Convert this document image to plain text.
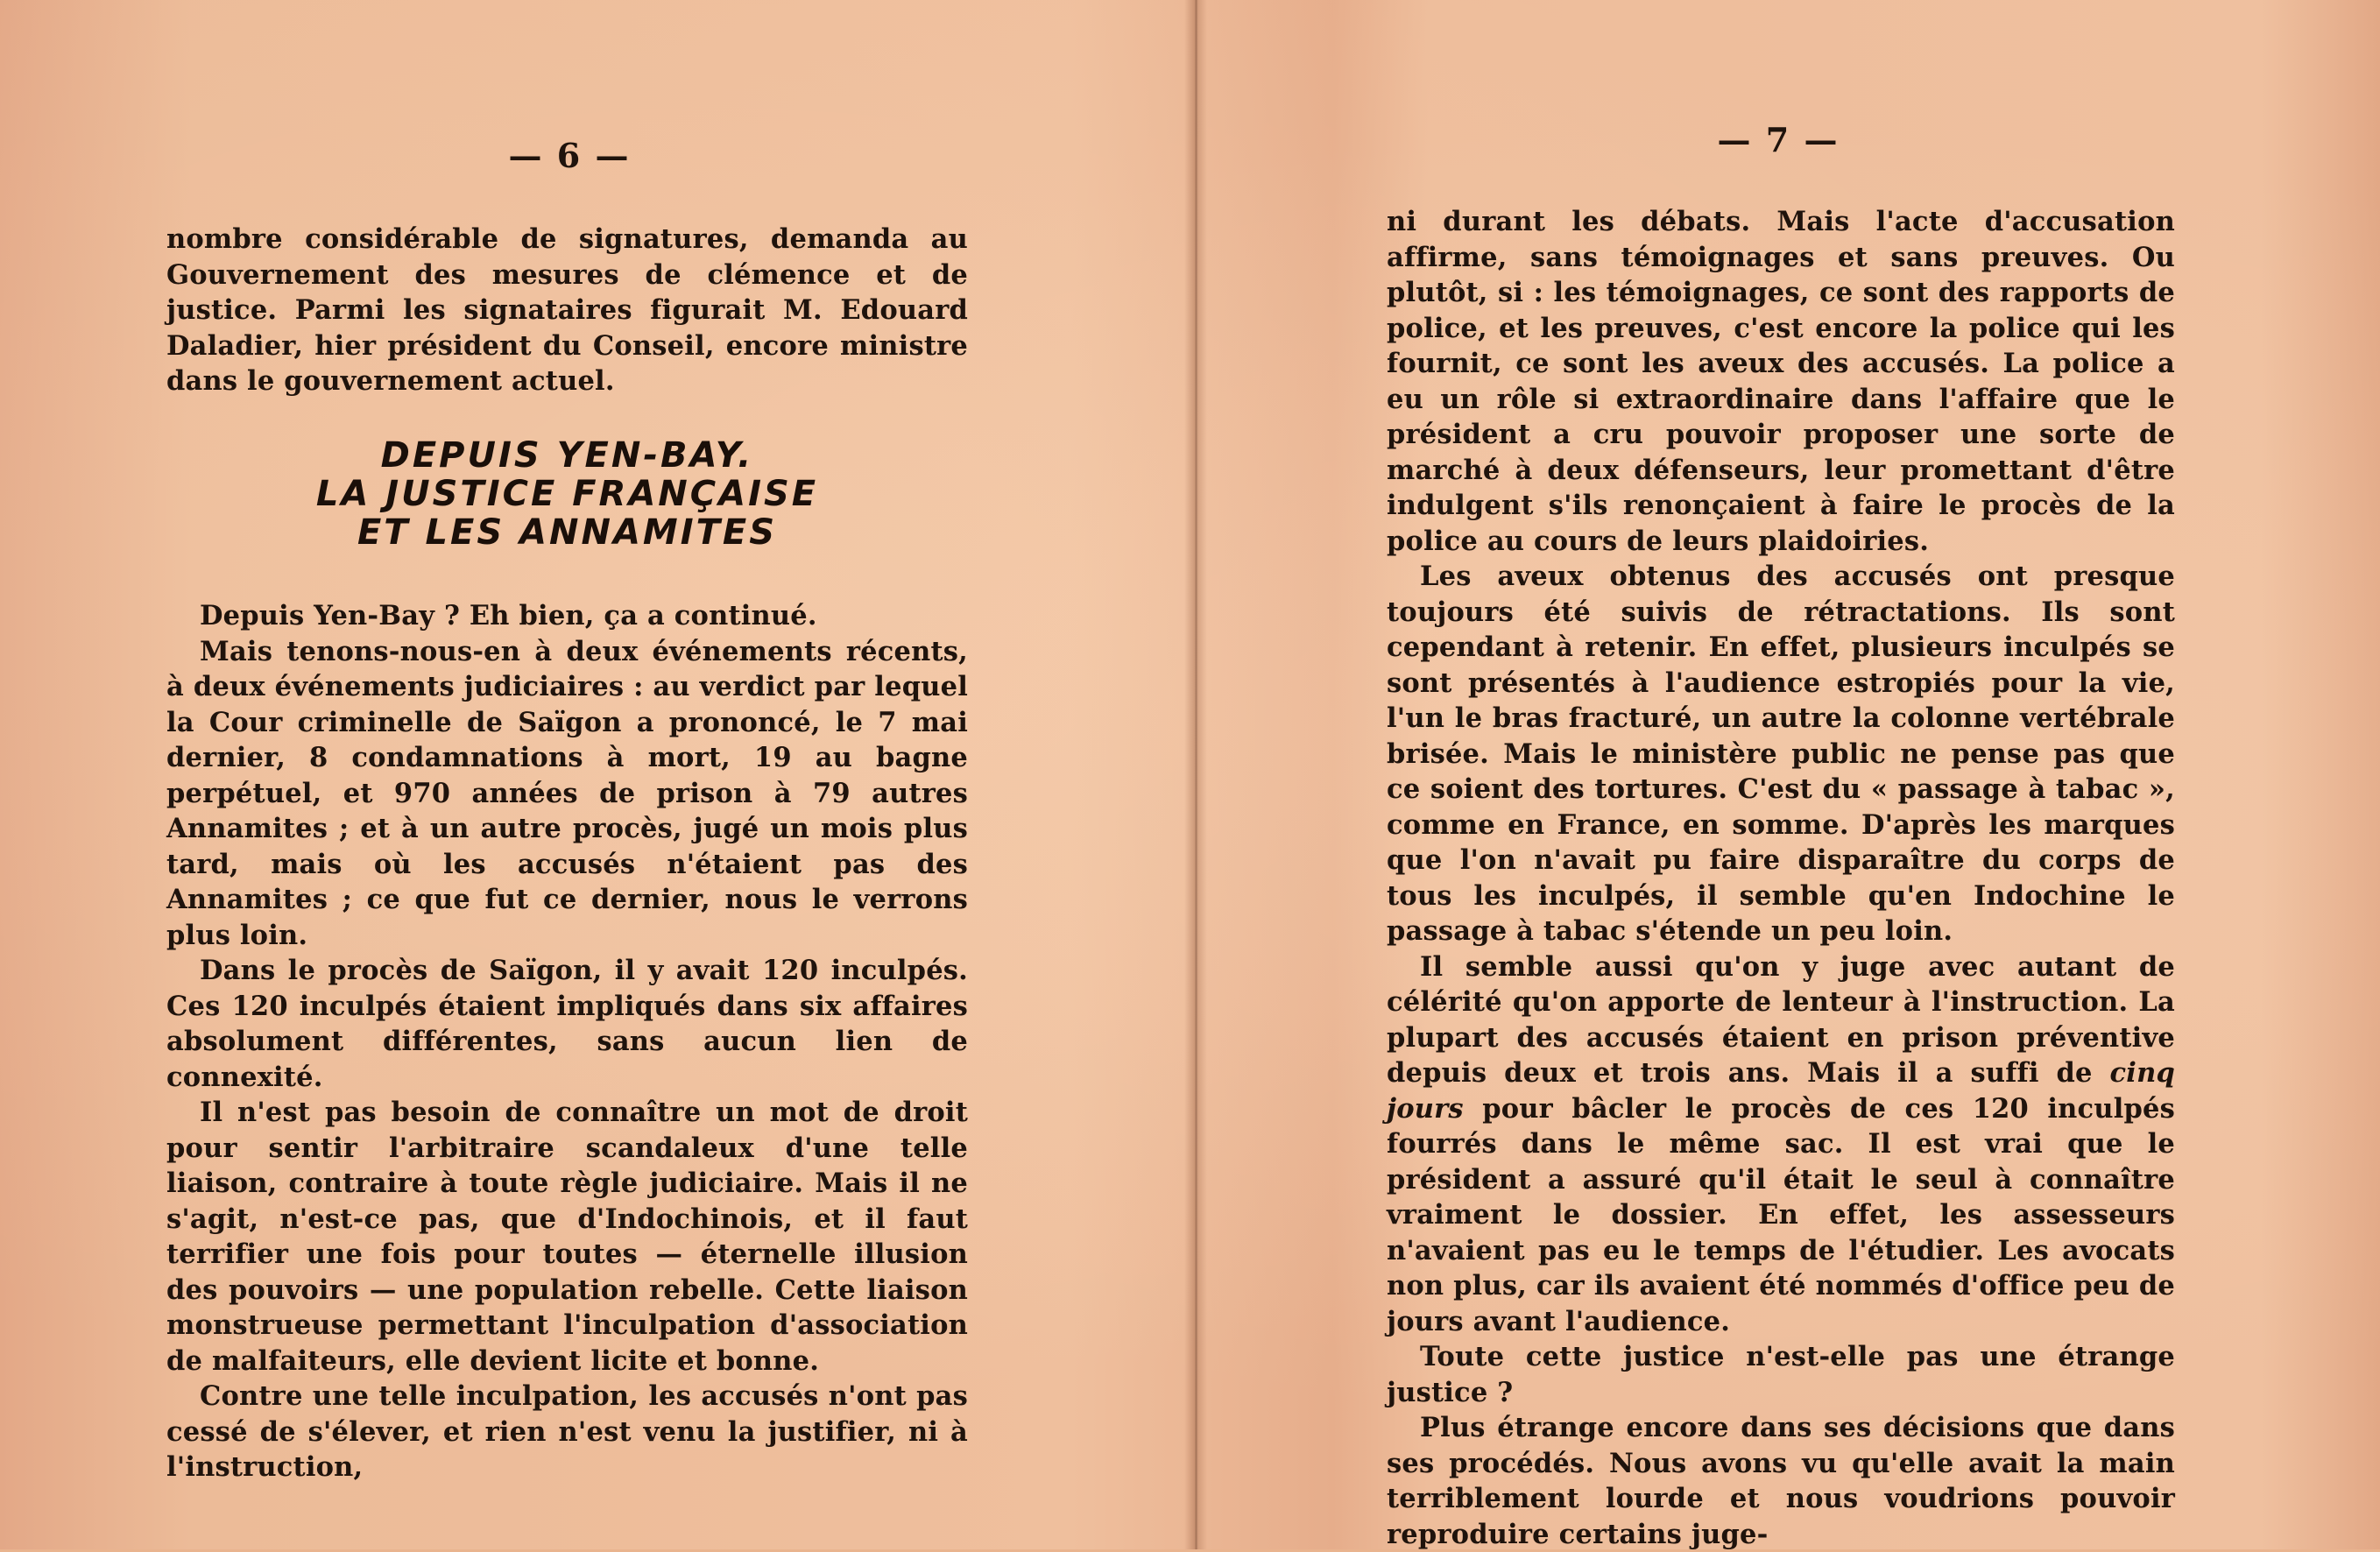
— 6 —

nombre considérable de signatures, demanda au Gouvernement des mesures de clémence et de justice. Parmi les signataires figurait M. Edouard Daladier, hier président du Conseil, encore ministre dans le gouvernement actuel.

DEPUIS YEN-BAY.
LA JUSTICE FRANÇAISE
ET LES ANNAMITES

Depuis Yen-Bay ? Eh bien, ça a continué.

Mais tenons-nous-en à deux événements récents, à deux événements judiciaires : au verdict par lequel la Cour criminelle de Saïgon a prononcé, le 7 mai dernier, 8 condamnations à mort, 19 au bagne perpétuel, et 970 années de prison à 79 autres Annamites ; et à un autre procès, jugé un mois plus tard, mais où les accusés n'étaient pas des Annamites ; ce que fut ce dernier, nous le verrons plus loin.

Dans le procès de Saïgon, il y avait 120 inculpés. Ces 120 inculpés étaient impliqués dans six affaires absolument différentes, sans aucun lien de connexité.

Il n'est pas besoin de connaître un mot de droit pour sentir l'arbitraire scandaleux d'une telle liaison, contraire à toute règle judiciaire. Mais il ne s'agit, n'est-ce pas, que d'Indochinois, et il faut terrifier une fois pour toutes — éternelle illusion des pouvoirs — une population rebelle. Cette liaison monstrueuse permettant l'inculpation d'association de malfaiteurs, elle devient licite et bonne.

Contre une telle inculpation, les accusés n'ont pas cessé de s'élever, et rien n'est venu la justifier, ni à l'instruction,

— 7 —

ni durant les débats. Mais l'acte d'accusation affirme, sans témoignages et sans preuves. Ou plutôt, si : les témoignages, ce sont des rapports de police, et les preuves, c'est encore la police qui les fournit, ce sont les aveux des accusés. La police a eu un rôle si extraordinaire dans l'affaire que le président a cru pouvoir proposer une sorte de marché à deux défenseurs, leur promettant d'être indulgent s'ils renonçaient à faire le procès de la police au cours de leurs plaidoiries.

Les aveux obtenus des accusés ont presque toujours été suivis de rétractations. Ils sont cependant à retenir. En effet, plusieurs inculpés se sont présentés à l'audience estropiés pour la vie, l'un le bras fracturé, un autre la colonne vertébrale brisée. Mais le ministère public ne pense pas que ce soient des tortures. C'est du « passage à tabac », comme en France, en somme. D'après les marques que l'on n'avait pu faire disparaître du corps de tous les inculpés, il semble qu'en Indochine le passage à tabac s'étende un peu loin.

Il semble aussi qu'on y juge avec autant de célérité qu'on apporte de lenteur à l'instruction. La plupart des accusés étaient en prison préventive depuis deux et trois ans. Mais il a suffi de cinq jours pour bâcler le procès de ces 120 inculpés fourrés dans le même sac. Il est vrai que le président a assuré qu'il était le seul à connaître vraiment le dossier. En effet, les assesseurs n'avaient pas eu le temps de l'étudier. Les avocats non plus, car ils avaient été nommés d'office peu de jours avant l'audience.

Toute cette justice n'est-elle pas une étrange justice ?

Plus étrange encore dans ses décisions que dans ses procédés. Nous avons vu qu'elle avait la main terriblement lourde et nous voudrions pouvoir reproduire certains juge-
